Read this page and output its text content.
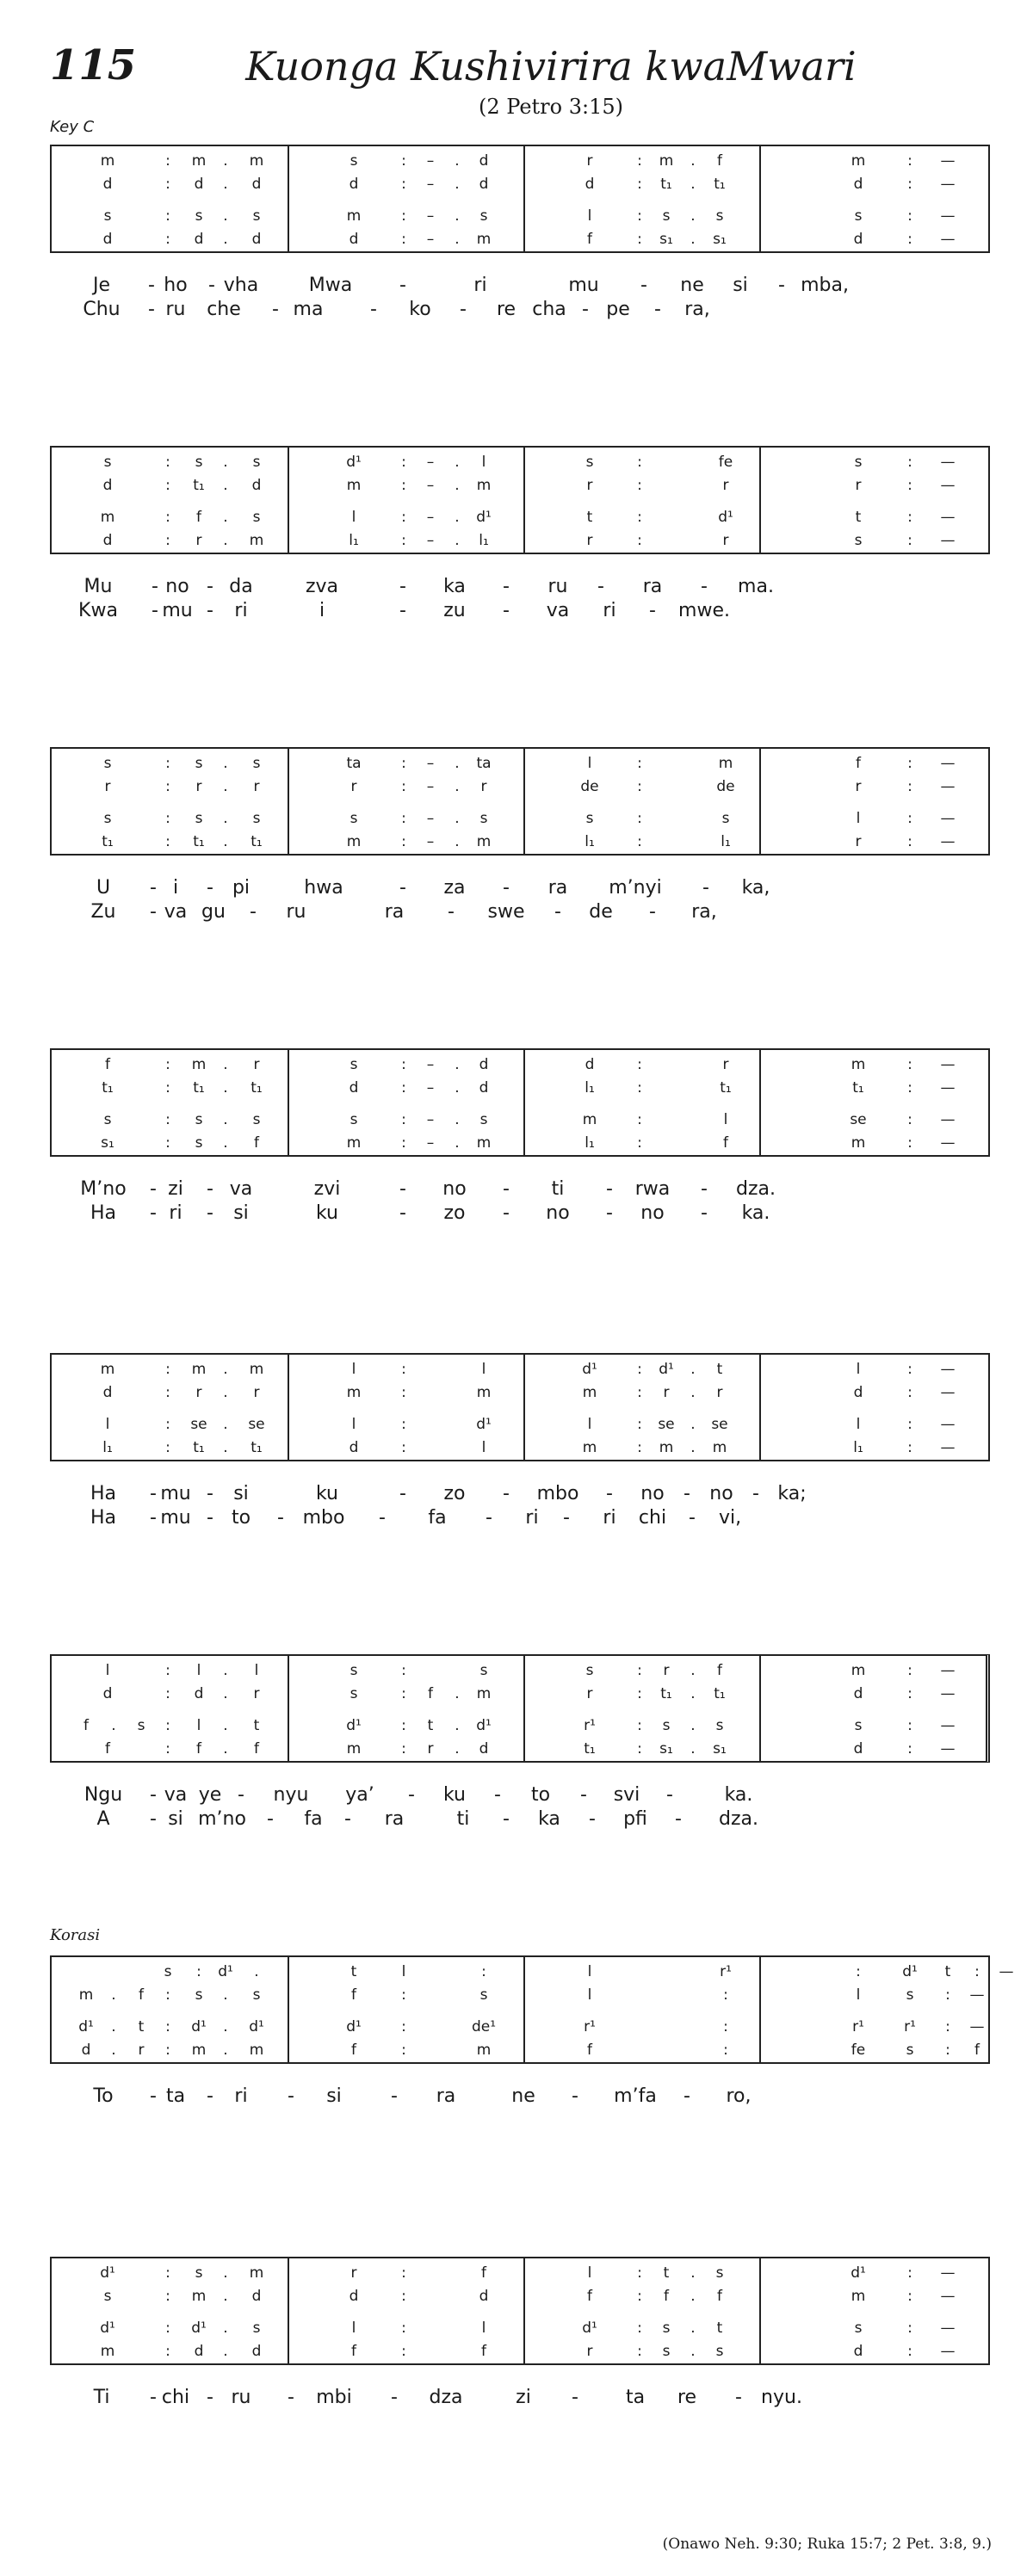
115	Kuonga Kushivirira kwaMwari
(2 Petro 3:15)
Key C
Korasi
m	:	m	.	m	s	:	–	.	d	r	:	m	.	f	m	:	—
d	:	d	.	d	d	:	–	.	d	d	:	t₁	.	t₁	d	:	—
s	:	s	.	s	m	:	–	.	s	l	:	s	.	s	s	:	—
d	:	d	.	d	d	:	–	.	m	f	:	s₁	.	s₁	d	:	—
Je	- ho	- vha	Mwa	-	ri	mu	-	ne	si	- mba,
Chu	- ru	che	- ma	-	ko	-	re cha - pe	-	ra,
s	:	s	.	s	d¹	:	–	.	l	s	:	fe	s	:	—
d	:	t₁	.	d	m	:	–	.	m	r	:	r	r	:	—
m	:	f	.	s	l	:	–	.	d¹	t	:	d¹	t	:	—
d	:	r	.	m	l₁	:	–	.	l₁	r	:	r	s	:	—
Mu	- no - da	zva	-	ka	-	ru	-	ra	-	ma.
Kwa	- mu -	ri	i	-	zu	-	va	ri	-	mwe.
s	:	s	.	s	ta	:	–	.	ta	l	:	m	f	:	—
r	:	r	.	r	r	:	–	.	r	de	:	de	r	:	—
s	:	s	.	s	s	:	–	.	s	s	:	s	l	:	—
t₁	:	t₁	.	t₁	m	:	–	.	m	l₁	:	l₁	r	:	—
U	- i	- pi	hwa	-	za	-	ra	m’nyi	-	ka,
Zu	- va gu	-	ru	ra	-	swe	-	de	-	ra,
f	:	m	.	r	s	:	–	.	d	d	:	r	m	:	—
t₁	:	t₁	.	t₁	d	:	–	.	d	l₁	:	t₁	t₁	:	—
s	:	s	.	s	s	:	–	.	s	m	:	l	se	:	—
s₁	:	s	.	f	m	:	–	.	m	l₁	:	f	m	:	—
M’no	- zi	- va	zvi	-	no	-	ti	-	rwa	-	dza.
Ha	- ri	-	si	ku	-	zo	-	no	-	no	-	ka.
m	:	m	.	m	l	:	l	d¹	:	d¹	.	t	l	:	—
d	:	r	.	r	m	:	m	m	:	r	.	r	d	:	—
l	:	se	.	se	l	:	d¹	l	:	se	.	se	l	:	—
l₁	:	t₁	.	t₁	d	:	l	m	:	m	.	m	l₁	:	—
Ha	- mu -	si	ku	-	zo	-	mbo	-	no	-	no	- ka;
Ha	- mu - to	- mbo	-	fa	-	ri	-	ri	chi	-	vi,
l	:	l	.	l	s	:	s	s	:	r	.	f	m	:	—
d	:	d	.	r	s	:	f	.	m	r	:	t₁	.	t₁	d	:	—
f	.	s	:	l	.	t	d¹	:	t	.	d¹	r¹	:	s	.	s	s	:	—
f	:	f	.	f	m	:	r	.	d	t₁	:	s₁	.	s₁	d	:	—
Ngu	- va ye -	nyu	ya’	-	ku	-	to	-	svi	-	ka.
A	- si m’no	-	fa	-	ra	ti	-	ka	-	pfi	-	dza.
s	:	d¹	.	t	l	:	l	r¹	:	d¹	t	:	—
m	.	f	:	s	.	s	f	:	s	l	:	l	s	:	—
d¹	.	t	:	d¹	.	d¹	d¹	:	de¹	r¹	:	r¹	r¹	:	—
d	.	r	:	m	.	m	f	:	m	f	:	fe	s	:	f
To	- ta	-	ri	-	si	-	ra	ne	-	m’fa	-	ro,
d¹	:	s	.	m	r	:	f	l	:	t	.	s	d¹	:	—
s	:	m	.	d	d	:	d	f	:	f	.	f	m	:	—
d¹	:	d¹	.	s	l	:	l	d¹	:	s	.	t	s	:	—
m	:	d	.	d	f	:	f	r	:	s	.	s	d	:	—
Ti	- chi - ru	-	mbi	-	dza	zi	-	ta	re	-	nyu.
(Onawo Neh. 9:30; Ruka 15:7; 2 Pet. 3:8, 9.)
